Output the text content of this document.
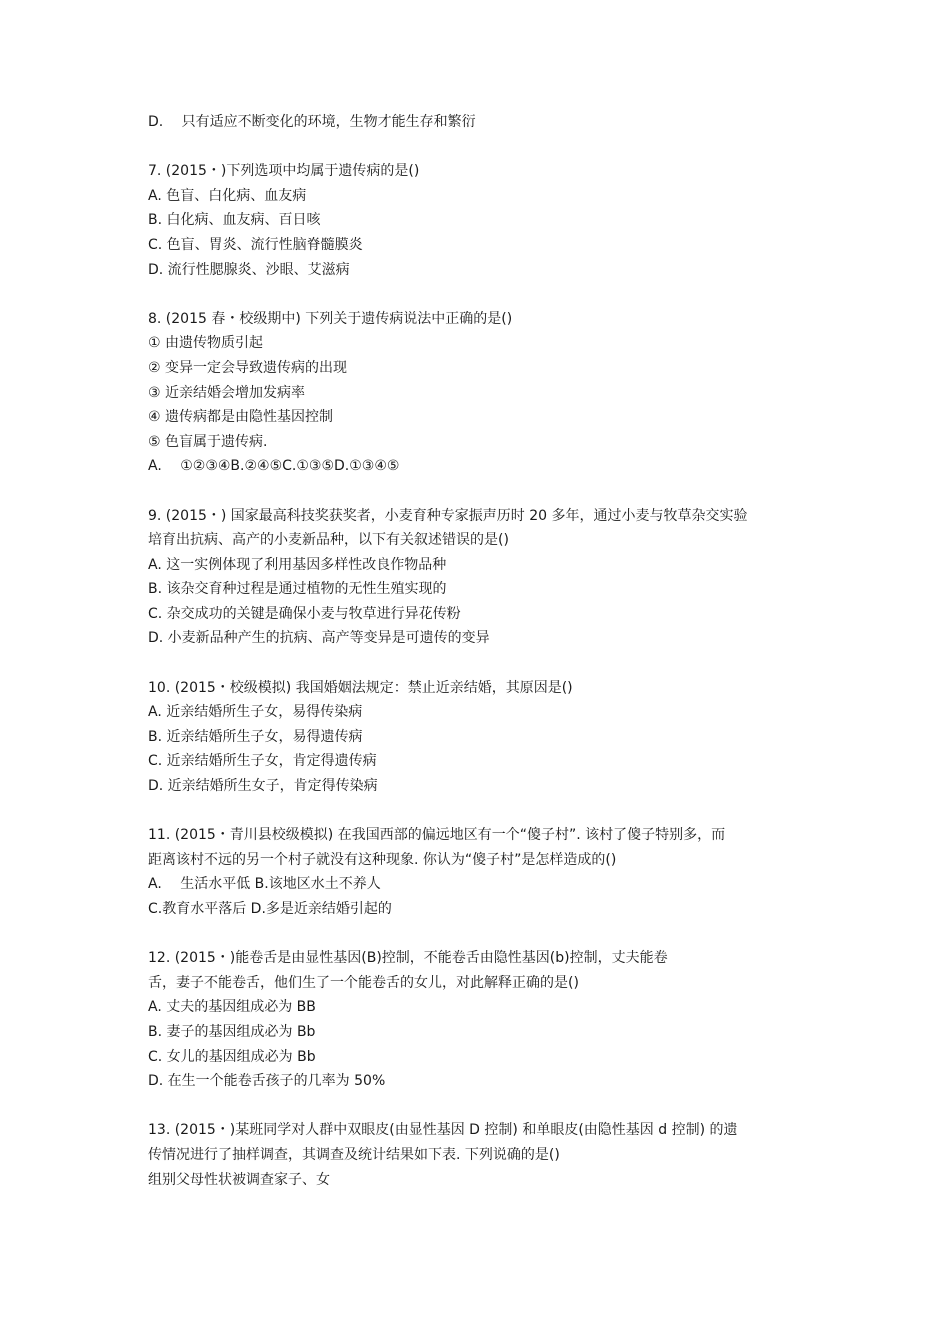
D.　 只有适应不断变化的环境，生物才能生存和繁衍
7. (2015・)下列选项中均属于遗传病的是()
A. 色盲、白化病、血友病
B. 白化病、血友病、百日咳
C. 色盲、胃炎、流行性脑脊髓膜炎
D. 流行性腮腺炎、沙眼、艾滋病
8. (2015 春・校级期中) 下列关于遗传病说法中正确的是()
① 由遗传物质引起
② 变异一定会导致遗传病的出现
③ 近亲结婚会增加发病率
④ 遗传病都是由隐性基因控制
⑤ 色盲属于遗传病.
A.　 ①②③④B.②④⑤C.①③⑤D.①③④⑤
9. (2015・) 国家最高科技奖获奖者，小麦育种专家振声历时 20 多年，通过小麦与牧草杂交实验
培育出抗病、高产的小麦新品种，以下有关叙述错误的是()
A. 这一实例体现了利用基因多样性改良作物品种
B. 该杂交育种过程是通过植物的无性生殖实现的
C. 杂交成功的关键是确保小麦与牧草进行异花传粉
D. 小麦新品种产生的抗病、高产等变异是可遗传的变异
10. (2015・校级模拟) 我国婚姻法规定：禁止近亲结婚，其原因是()
A. 近亲结婚所生子女，易得传染病
B. 近亲结婚所生子女，易得遗传病
C. 近亲结婚所生子女，肯定得遗传病
D. 近亲结婚所生女子，肯定得传染病
11. (2015・青川县校级模拟) 在我国西部的偏远地区有一个“傻子村”. 该村了傻子特别多，而
距离该村不远的另一个村子就没有这种现象. 你认为“傻子村”是怎样造成的()
A.　 生活水平低 B.该地区水土不养人
C.教育水平落后 D.多是近亲结婚引起的
12. (2015・)能卷舌是由显性基因(B)控制，不能卷舌由隐性基因(b)控制，丈夫能卷
舌，妻子不能卷舌，他们生了一个能卷舌的女儿，对此解释正确的是()
A. 丈夫的基因组成必为 BB
B. 妻子的基因组成必为 Bb
C. 女儿的基因组成必为 Bb
D. 在生一个能卷舌孩子的几率为 50%
13. (2015・)某班同学对人群中双眼皮(由显性基因 D 控制) 和单眼皮(由隐性基因 d 控制) 的遗
传情况进行了抽样调查，其调查及统计结果如下表. 下列说确的是()
组别父母性状被调查家子、女
